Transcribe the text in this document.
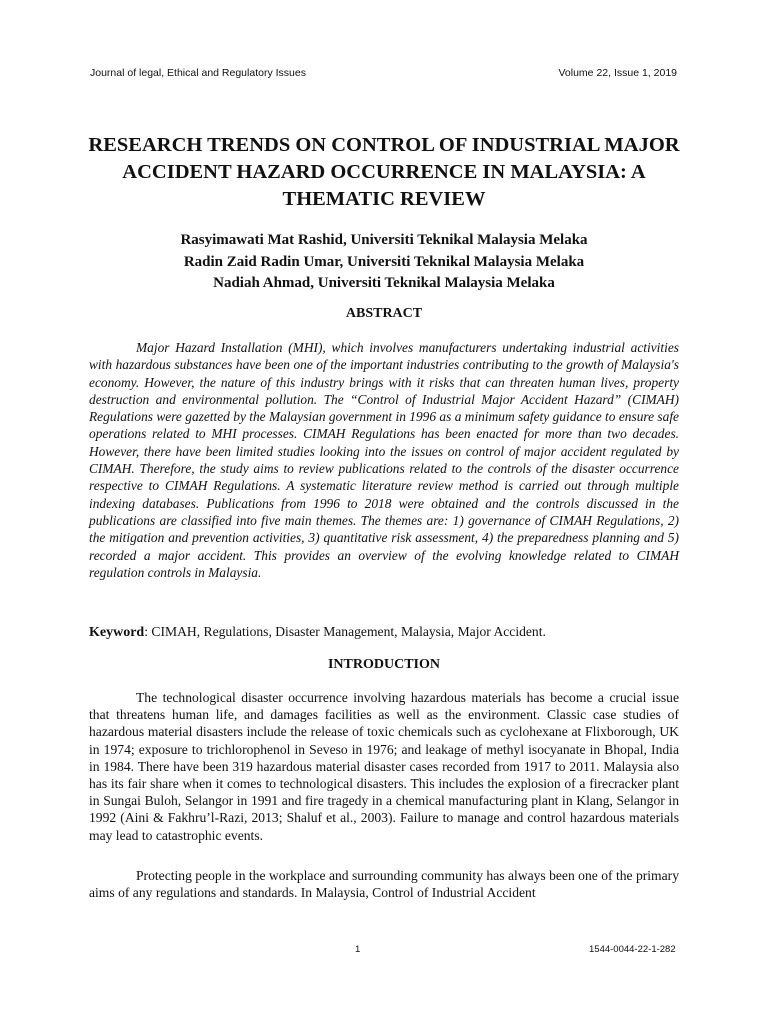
Journal of legal, Ethical and Regulatory Issues	Volume 22, Issue 1, 2019
RESEARCH TRENDS ON CONTROL OF INDUSTRIAL MAJOR ACCIDENT HAZARD OCCURRENCE IN MALAYSIA: A THEMATIC REVIEW
Rasyimawati Mat Rashid, Universiti Teknikal Malaysia Melaka
Radin Zaid Radin Umar, Universiti Teknikal Malaysia Melaka
Nadiah Ahmad, Universiti Teknikal Malaysia Melaka
ABSTRACT

Major Hazard Installation (MHI), which involves manufacturers undertaking industrial activities with hazardous substances have been one of the important industries contributing to the growth of Malaysia's economy. However, the nature of this industry brings with it risks that can threaten human lives, property destruction and environmental pollution. The “Control of Industrial Major Accident Hazard” (CIMAH) Regulations were gazetted by the Malaysian government in 1996 as a minimum safety guidance to ensure safe operations related to MHI processes. CIMAH Regulations has been enacted for more than two decades. However, there have been limited studies looking into the issues on control of major accident regulated by CIMAH. Therefore, the study aims to review publications related to the controls of the disaster occurrence respective to CIMAH Regulations. A systematic literature review method is carried out through multiple indexing databases. Publications from 1996 to 2018 were obtained and the controls discussed in the publications are classified into five main themes. The themes are: 1) governance of CIMAH Regulations, 2) the mitigation and prevention activities, 3) quantitative risk assessment, 4) the preparedness planning and 5) recorded a major accident. This provides an overview of the evolving knowledge related to CIMAH regulation controls in Malaysia.

Keyword: CIMAH, Regulations, Disaster Management, Malaysia, Major Accident.

INTRODUCTION

The technological disaster occurrence involving hazardous materials has become a crucial issue that threatens human life, and damages facilities as well as the environment. Classic case studies of hazardous material disasters include the release of toxic chemicals such as cyclohexane at Flixborough, UK in 1974; exposure to trichlorophenol in Seveso in 1976; and leakage of methyl isocyanate in Bhopal, India in 1984. There have been 319 hazardous material disaster cases recorded from 1917 to 2011. Malaysia also has its fair share when it comes to technological disasters. This includes the explosion of a firecracker plant in Sungai Buloh, Selangor in 1991 and fire tragedy in a chemical manufacturing plant in Klang, Selangor in 1992 (Aini & Fakhru’l-Razi, 2013; Shaluf et al., 2003). Failure to manage and control hazardous materials may lead to catastrophic events.

Protecting people in the workplace and surrounding community has always been one of the primary aims of any regulations and standards. In Malaysia, Control of Industrial Accident

1	1544-0044-22-1-282
